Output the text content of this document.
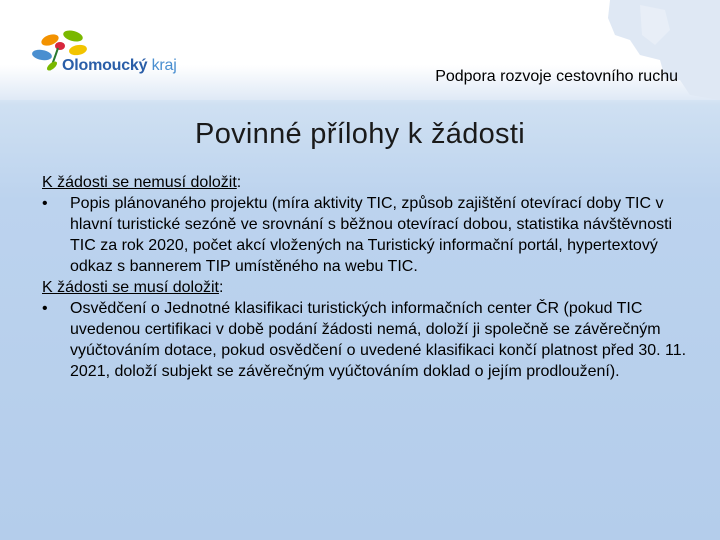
Olomoucký kraj
Podpora rozvoje cestovního ruchu
Povinné přílohy k žádosti

K žádosti se nemusí doložit:

•	Popis plánovaného projektu (míra aktivity TIC, způsob zajištění otevírací doby TIC v hlavní turistické sezóně ve srovnání s běžnou otevírací dobou, statistika návštěvnosti TIC za rok 2020, počet akcí vložených na Turistický informační portál, hypertextový odkaz s bannerem TIP umístěného na webu TIC.

K žádosti se musí doložit:

•	Osvědčení o Jednotné klasifikaci turistických informačních center ČR (pokud TIC uvedenou certifikaci v době podání žádosti nemá, doloží ji společně se závěrečným vyúčtováním dotace, pokud osvědčení o uvedené klasifikaci končí platnost před 30. 11. 2021, doloží subjekt se závěrečným vyúčtováním doklad o jejím prodloužení).
